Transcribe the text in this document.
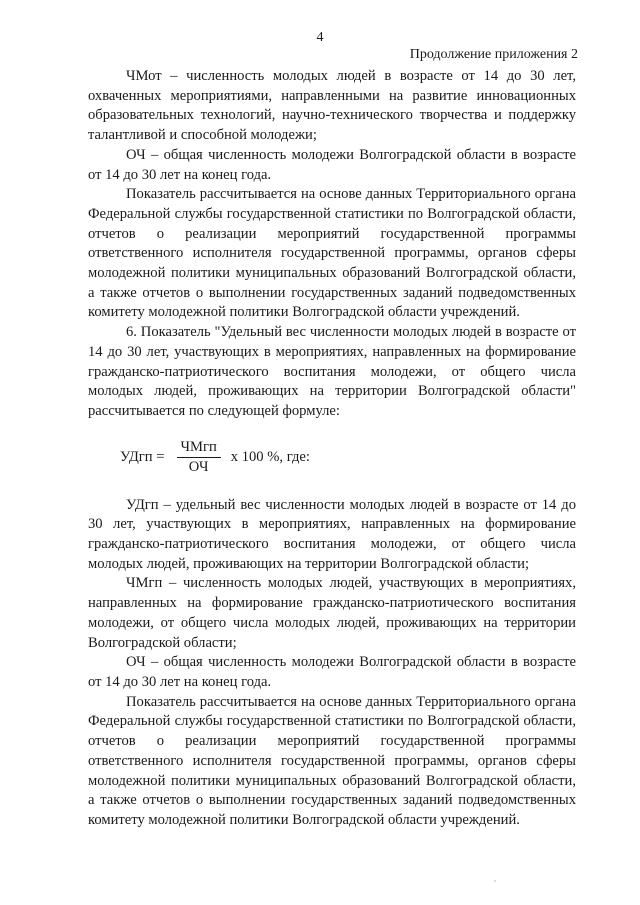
4
Продолжение приложения 2

ЧМот – численность молодых людей в возрасте от 14 до 30 лет, охваченных мероприятиями, направленными на развитие инновационных образовательных технологий, научно-технического творчества и поддержку талантливой и способной молодежи;

ОЧ – общая численность молодежи Волгоградской области в возрасте от 14 до 30 лет на конец года.

Показатель рассчитывается на основе данных Территориального органа Федеральной службы государственной статистики по Волгоградской области, отчетов о реализации мероприятий государственной программы ответственного исполнителя государственной программы, органов сферы молодежной политики муниципальных образований Волгоградской области, а также отчетов о выполнении государственных заданий подведомственных комитету молодежной политики Волгоградской области учреждений.

6. Показатель "Удельный вес численности молодых людей в возрасте от 14 до 30 лет, участвующих в мероприятиях, направленных на формирование гражданско-патриотического воспитания молодежи, от общего числа молодых людей, проживающих на территории Волгоградской области" рассчитывается по следующей формуле:

УДгп = $\frac{\text{ЧМгп}}{ОЧ}$ x 100 %, где:

УДгп – удельный вес численности молодых людей в возрасте от 14 до 30 лет, участвующих в мероприятиях, направленных на формирование гражданско-патриотического воспитания молодежи, от общего числа молодых людей, проживающих на территории Волгоградской области;

ЧМгп – численность молодых людей, участвующих в мероприятиях, направленных на формирование гражданско-патриотического воспитания молодежи, от общего числа молодых людей, проживающих на территории Волгоградской области;

ОЧ – общая численность молодежи Волгоградской области в возрасте от 14 до 30 лет на конец года.

Показатель рассчитывается на основе данных Территориального органа Федеральной службы государственной статистики по Волгоградской области, отчетов о реализации мероприятий государственной программы ответственного исполнителя государственной программы, органов сферы молодежной политики муниципальных образований Волгоградской области, а также отчетов о выполнении государственных заданий подведомственных комитету молодежной политики Волгоградской области учреждений.
